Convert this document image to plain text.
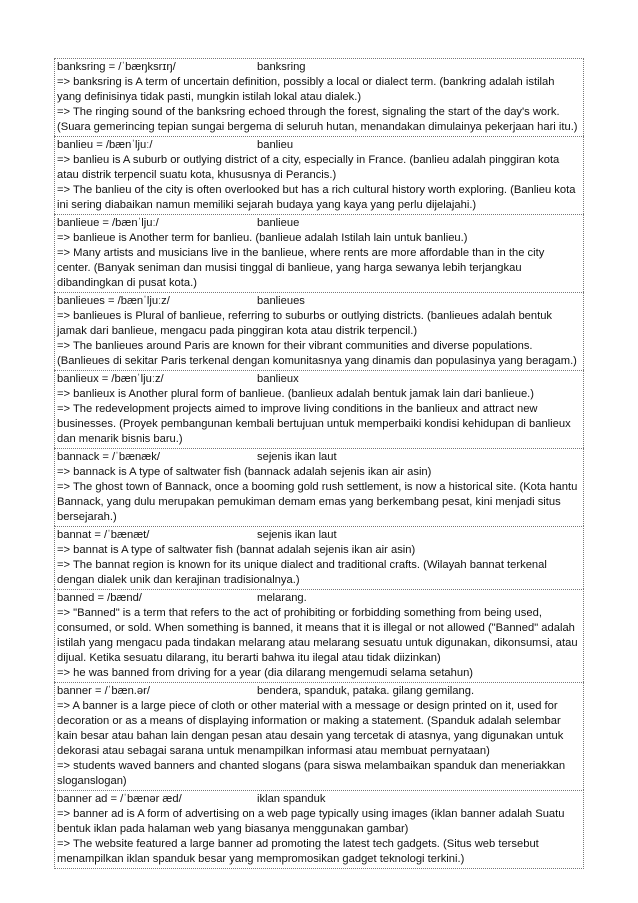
banksring = /ˈbæŋksrɪŋ/	banksring

=> banksring is A term of uncertain definition, possibly a local or dialect term. (bankring adalah istilah yang definisinya tidak pasti, mungkin istilah lokal atau dialek.)

=> The ringing sound of the banksring echoed through the forest, signaling the start of the day's work. (Suara gemerincing tepian sungai bergema di seluruh hutan, menandakan dimulainya pekerjaan hari itu.)

banlieu = /bænˈljuː/	banlieu

=> banlieu is A suburb or outlying district of a city, especially in France. (banlieu adalah pinggiran kota atau distrik terpencil suatu kota, khususnya di Perancis.)

=> The banlieu of the city is often overlooked but has a rich cultural history worth exploring. (Banlieu kota ini sering diabaikan namun memiliki sejarah budaya yang kaya yang perlu dijelajahi.)

banlieue = /bænˈljuː/	banlieue

=> banlieue is Another term for banlieu. (banlieue adalah Istilah lain untuk banlieu.)

=> Many artists and musicians live in the banlieue, where rents are more affordable than in the city center. (Banyak seniman dan musisi tinggal di banlieue, yang harga sewanya lebih terjangkau dibandingkan di pusat kota.)

banlieues = /bænˈljuːz/	banlieues

=> banlieues is Plural of banlieue, referring to suburbs or outlying districts. (banlieues adalah bentuk jamak dari banlieue, mengacu pada pinggiran kota atau distrik terpencil.)

=> The banlieues around Paris are known for their vibrant communities and diverse populations. (Banlieues di sekitar Paris terkenal dengan komunitasnya yang dinamis dan populasinya yang beragam.)

banlieux = /bænˈljuːz/	banlieux

=> banlieux is Another plural form of banlieue. (banlieux adalah bentuk jamak lain dari banlieue.)

=> The redevelopment projects aimed to improve living conditions in the banlieux and attract new businesses. (Proyek pembangunan kembali bertujuan untuk memperbaiki kondisi kehidupan di banlieux dan menarik bisnis baru.)

bannack = /ˈbænæk/	sejenis ikan laut

=> bannack is A type of saltwater fish (bannack adalah sejenis ikan air asin)

=> The ghost town of Bannack, once a booming gold rush settlement, is now a historical site. (Kota hantu Bannack, yang dulu merupakan pemukiman demam emas yang berkembang pesat, kini menjadi situs bersejarah.)

bannat = /ˈbænæt/	sejenis ikan laut

=> bannat is A type of saltwater fish (bannat adalah sejenis ikan air asin)

=> The bannat region is known for its unique dialect and traditional crafts. (Wilayah bannat terkenal dengan dialek unik dan kerajinan tradisionalnya.)

banned = /bænd/	melarang.

=> "Banned" is a term that refers to the act of prohibiting or forbidding something from being used, consumed, or sold. When something is banned, it means that it is illegal or not allowed ("Banned" adalah istilah yang mengacu pada tindakan melarang atau melarang sesuatu untuk digunakan, dikonsumsi, atau dijual. Ketika sesuatu dilarang, itu berarti bahwa itu ilegal atau tidak diizinkan)

=> he was banned from driving for a year (dia dilarang mengemudi selama setahun)

banner = /ˈbæn.ər/	bendera, spanduk, pataka. gilang gemilang.

=> A banner is a large piece of cloth or other material with a message or design printed on it, used for decoration or as a means of displaying information or making a statement. (Spanduk adalah selembar kain besar atau bahan lain dengan pesan atau desain yang tercetak di atasnya, yang digunakan untuk dekorasi atau sebagai sarana untuk menampilkan informasi atau membuat pernyataan)

=> students waved banners and chanted slogans (para siswa melambaikan spanduk dan meneriakkan sloganslogan)

banner ad = /ˈbænər æd/	iklan spanduk

=> banner ad is A form of advertising on a web page typically using images (iklan banner adalah Suatu bentuk iklan pada halaman web yang biasanya menggunakan gambar)

=> The website featured a large banner ad promoting the latest tech gadgets. (Situs web tersebut menampilkan iklan spanduk besar yang mempromosikan gadget teknologi terkini.)
